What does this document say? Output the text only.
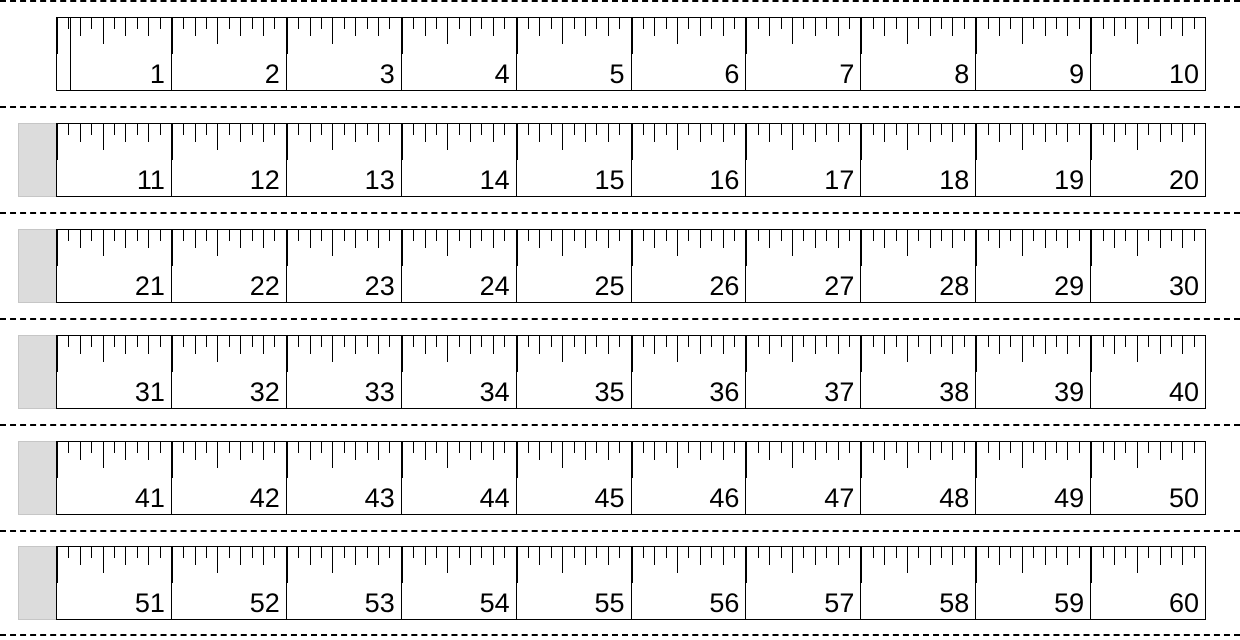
1	2	3	4	5	6	7	8	9	10
11	12	13	14	15	16	17	18	19	20
21	22	23	24	25	26	27	28	29	30
31	32	33	34	35	36	37	38	39	40
41	42	43	44	45	46	47	48	49	50
51	52	53	54	55	56	57	58	59	60
